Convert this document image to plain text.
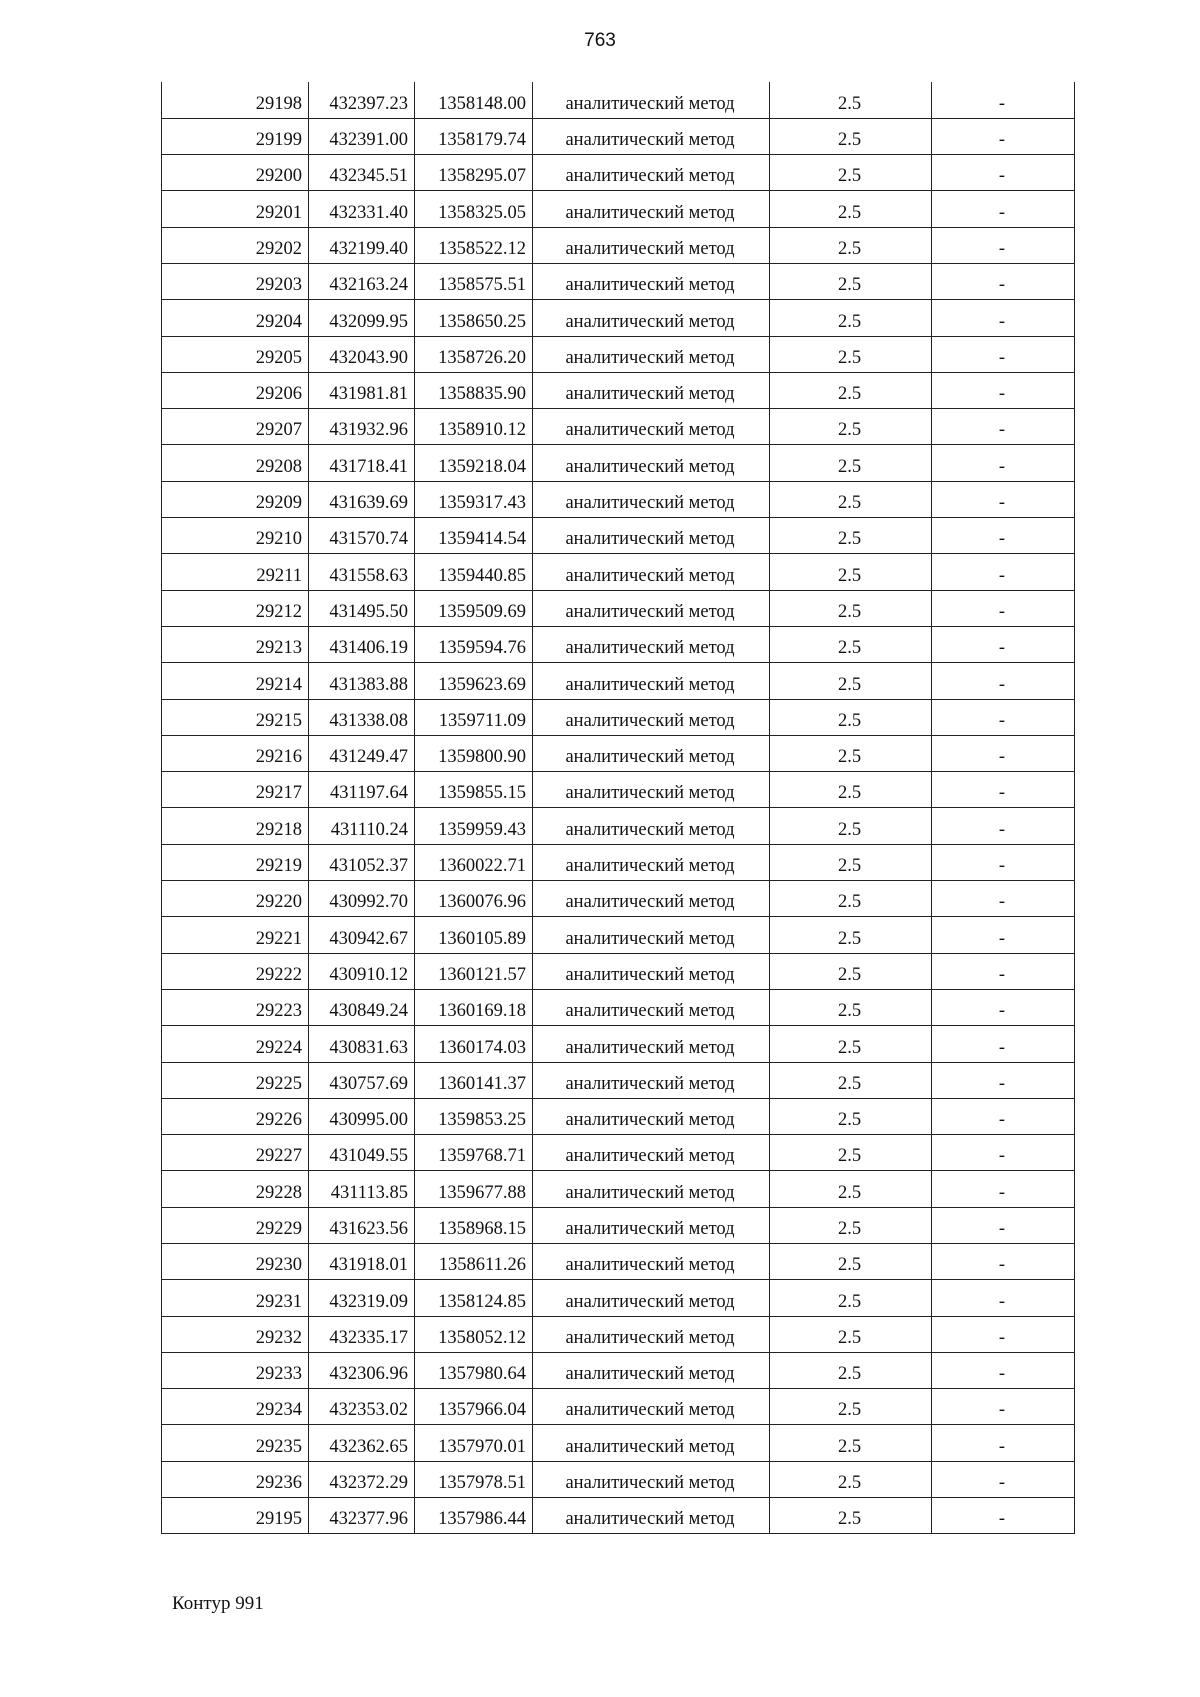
763
29198	432397.23	1358148.00	аналитический метод	2.5	-
29199	432391.00	1358179.74	аналитический метод	2.5	-
29200	432345.51	1358295.07	аналитический метод	2.5	-
29201	432331.40	1358325.05	аналитический метод	2.5	-
29202	432199.40	1358522.12	аналитический метод	2.5	-
29203	432163.24	1358575.51	аналитический метод	2.5	-
29204	432099.95	1358650.25	аналитический метод	2.5	-
29205	432043.90	1358726.20	аналитический метод	2.5	-
29206	431981.81	1358835.90	аналитический метод	2.5	-
29207	431932.96	1358910.12	аналитический метод	2.5	-
29208	431718.41	1359218.04	аналитический метод	2.5	-
29209	431639.69	1359317.43	аналитический метод	2.5	-
29210	431570.74	1359414.54	аналитический метод	2.5	-
29211	431558.63	1359440.85	аналитический метод	2.5	-
29212	431495.50	1359509.69	аналитический метод	2.5	-
29213	431406.19	1359594.76	аналитический метод	2.5	-
29214	431383.88	1359623.69	аналитический метод	2.5	-
29215	431338.08	1359711.09	аналитический метод	2.5	-
29216	431249.47	1359800.90	аналитический метод	2.5	-
29217	431197.64	1359855.15	аналитический метод	2.5	-
29218	431110.24	1359959.43	аналитический метод	2.5	-
29219	431052.37	1360022.71	аналитический метод	2.5	-
29220	430992.70	1360076.96	аналитический метод	2.5	-
29221	430942.67	1360105.89	аналитический метод	2.5	-
29222	430910.12	1360121.57	аналитический метод	2.5	-
29223	430849.24	1360169.18	аналитический метод	2.5	-
29224	430831.63	1360174.03	аналитический метод	2.5	-
29225	430757.69	1360141.37	аналитический метод	2.5	-
29226	430995.00	1359853.25	аналитический метод	2.5	-
29227	431049.55	1359768.71	аналитический метод	2.5	-
29228	431113.85	1359677.88	аналитический метод	2.5	-
29229	431623.56	1358968.15	аналитический метод	2.5	-
29230	431918.01	1358611.26	аналитический метод	2.5	-
29231	432319.09	1358124.85	аналитический метод	2.5	-
29232	432335.17	1358052.12	аналитический метод	2.5	-
29233	432306.96	1357980.64	аналитический метод	2.5	-
29234	432353.02	1357966.04	аналитический метод	2.5	-
29235	432362.65	1357970.01	аналитический метод	2.5	-
29236	432372.29	1357978.51	аналитический метод	2.5	-
29195	432377.96	1357986.44	аналитический метод	2.5	-
Контур 991
